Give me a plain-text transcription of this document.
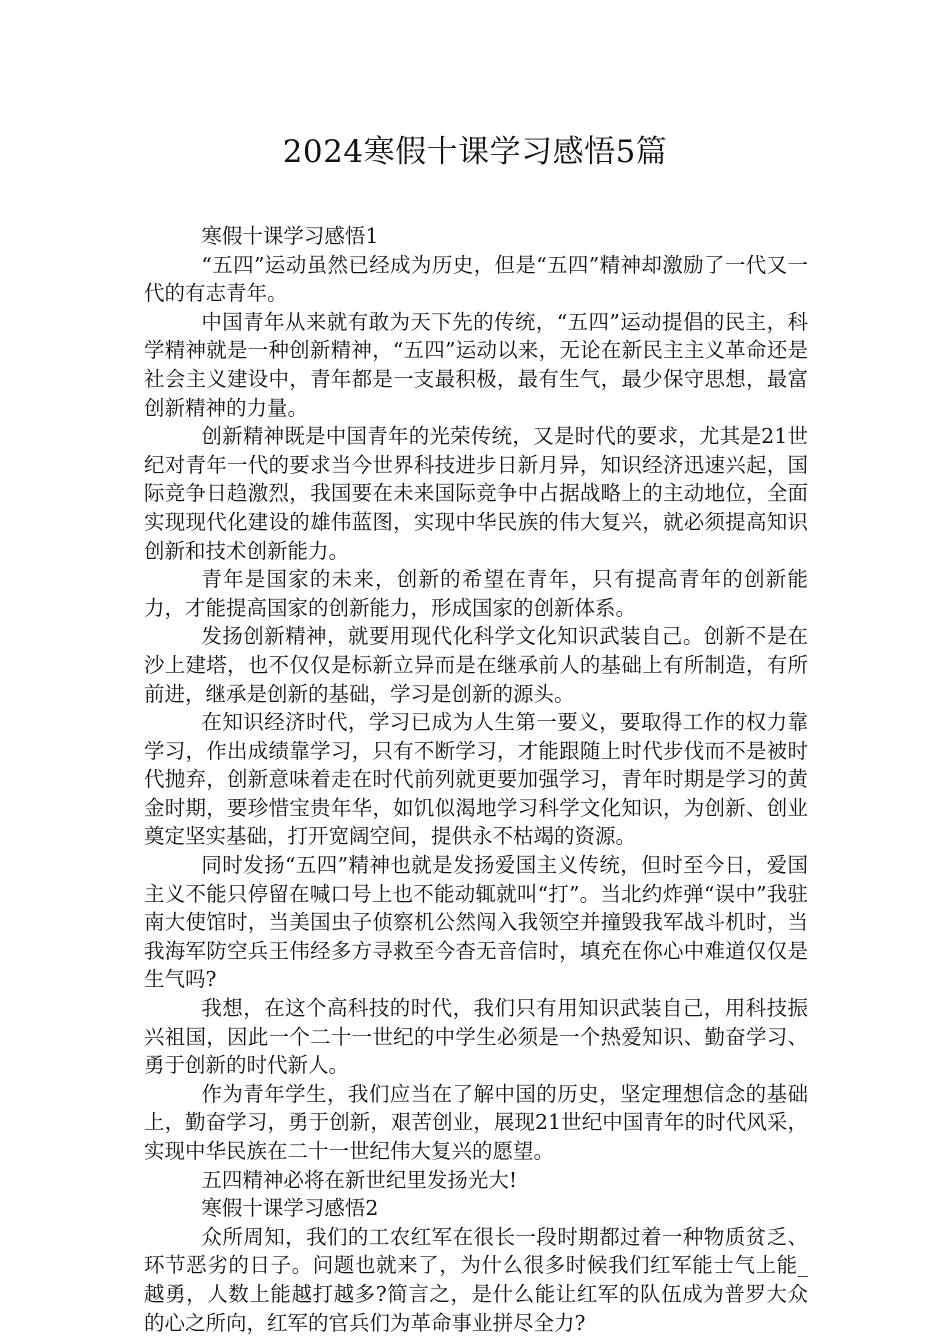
2024寒假十课学习感悟5篇

寒假十课学习感悟1

“五四”运动虽然已经成为历史，但是“五四”精神却激励了一代又一代的有志青年。

中国青年从来就有敢为天下先的传统，“五四”运动提倡的民主，科学精神就是一种创新精神，“五四”运动以来，无论在新民主主义革命还是社会主义建设中，青年都是一支最积极，最有生气，最少保守思想，最富创新精神的力量。

创新精神既是中国青年的光荣传统，又是时代的要求，尤其是21世纪对青年一代的要求当今世界科技进步日新月异，知识经济迅速兴起，国际竞争日趋激烈，我国要在未来国际竞争中占据战略上的主动地位，全面实现现代化建设的雄伟蓝图，实现中华民族的伟大复兴，就必须提高知识创新和技术创新能力。

青年是国家的未来，创新的希望在青年，只有提高青年的创新能力，才能提高国家的创新能力，形成国家的创新体系。

发扬创新精神，就要用现代化科学文化知识武装自己。创新不是在沙上建塔，也不仅仅是标新立异而是在继承前人的基础上有所制造，有所前进，继承是创新的基础，学习是创新的源头。

在知识经济时代，学习已成为人生第一要义，要取得工作的权力靠学习，作出成绩靠学习，只有不断学习，才能跟随上时代步伐而不是被时代抛弃，创新意味着走在时代前列就更要加强学习，青年时期是学习的黄金时期，要珍惜宝贵年华，如饥似渴地学习科学文化知识，为创新、创业奠定坚实基础，打开宽阔空间，提供永不枯竭的资源。

同时发扬“五四”精神也就是发扬爱国主义传统，但时至今日，爱国主义不能只停留在喊口号上也不能动辄就叫“打”。当北约炸弹“误中”我驻南大使馆时，当美国虫子侦察机公然闯入我领空并撞毁我军战斗机时，当我海军防空兵王伟经多方寻救至今杳无音信时，填充在你心中难道仅仅是生气吗?

我想，在这个高科技的时代，我们只有用知识武装自己，用科技振兴祖国，因此一个二十一世纪的中学生必须是一个热爱知识、勤奋学习、勇于创新的时代新人。

作为青年学生，我们应当在了解中国的历史，坚定理想信念的基础上，勤奋学习，勇于创新，艰苦创业，展现21世纪中国青年的时代风采，实现中华民族在二十一世纪伟大复兴的愿望。

五四精神必将在新世纪里发扬光大!

寒假十课学习感悟2

众所周知，我们的工农红军在很长一段时期都过着一种物质贫乏、环节恶劣的日子。问题也就来了，为什么很多时候我们红军能士气上能_越勇，人数上能越打越多?简言之，是什么能让红军的队伍成为普罗大众的心之所向，红军的官兵们为革命事业拼尽全力?
